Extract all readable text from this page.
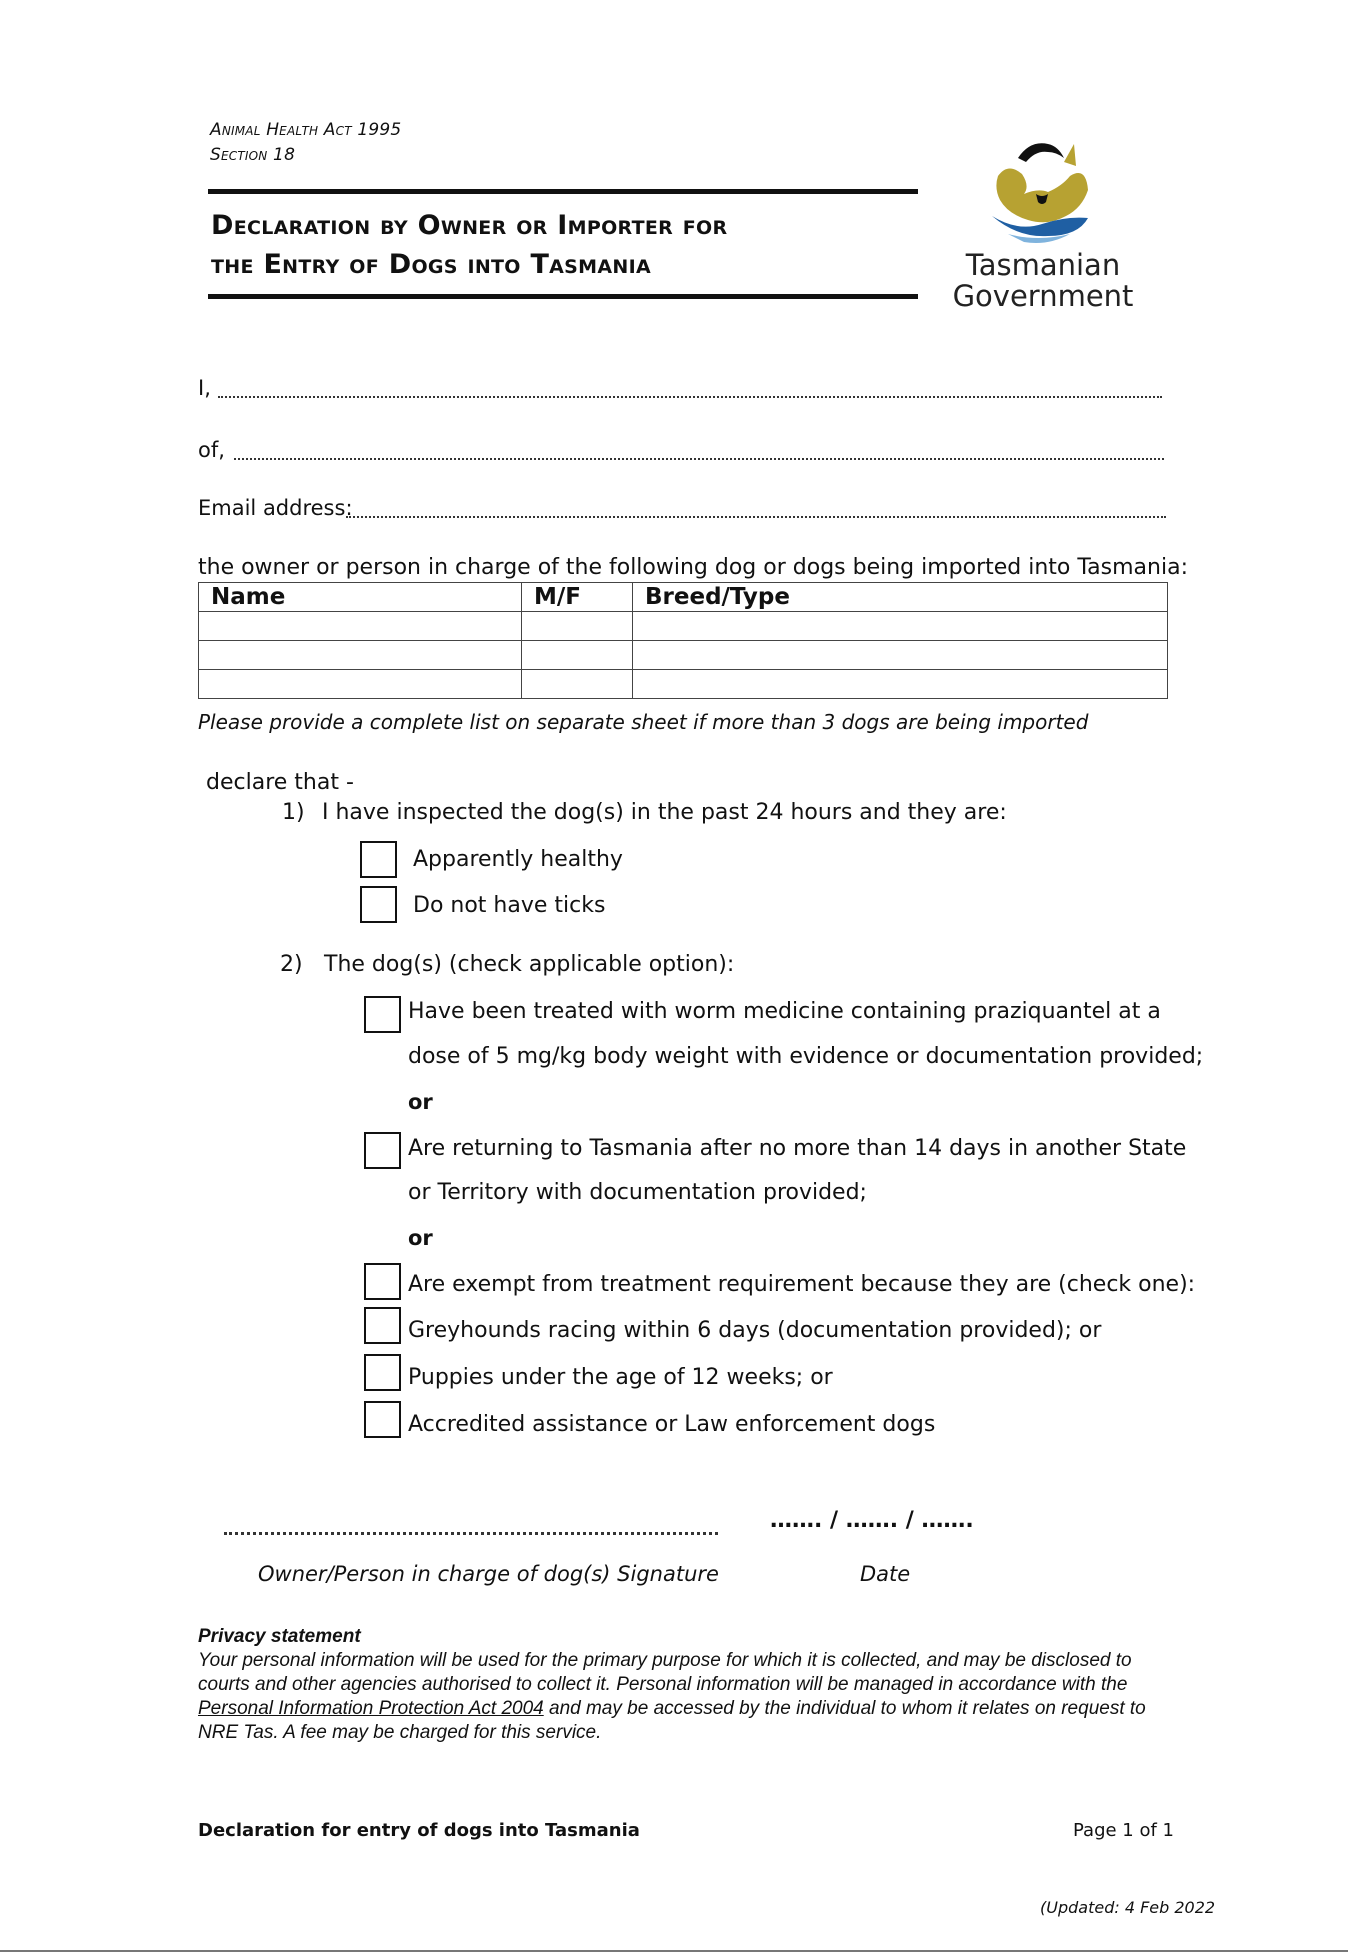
Animal Health Act 1995
Section 18
Declaration by Owner or Importer for
the Entry of Dogs into Tasmania	Tasmanian
Government
I,
of,
Email address:
the owner or person in charge of the following dog or dogs being imported into Tasmania:
Name	M/F	Breed/Type

Please provide a complete list on separate sheet if more than 3 dogs are being imported
declare that -
1) I have inspected the dog(s) in the past 24 hours and they are:
Apparently healthy
Do not have ticks
2) The dog(s) (check applicable option):
Have been treated with worm medicine containing praziquantel at a
dose of 5 mg/kg body weight with evidence or documentation provided;
or
Are returning to Tasmania after no more than 14 days in another State
or Territory with documentation provided;
or
Are exempt from treatment requirement because they are (check one):
Greyhounds racing within 6 days (documentation provided); or
Puppies under the age of 12 weeks; or
Accredited assistance or Law enforcement dogs
……. / ……. / …….
Owner/Person in charge of dog(s) Signature	Date
Privacy statement
Your personal information will be used for the primary purpose for which it is collected, and may be disclosed to courts and other agencies authorised to collect it. Personal information will be managed in accordance with the Personal Information Protection Act 2004 and may be accessed by the individual to whom it relates on request to NRE Tas. A fee may be charged for this service.
Declaration for entry of dogs into Tasmania	Page 1 of 1
(Updated: 4 Feb 2022
